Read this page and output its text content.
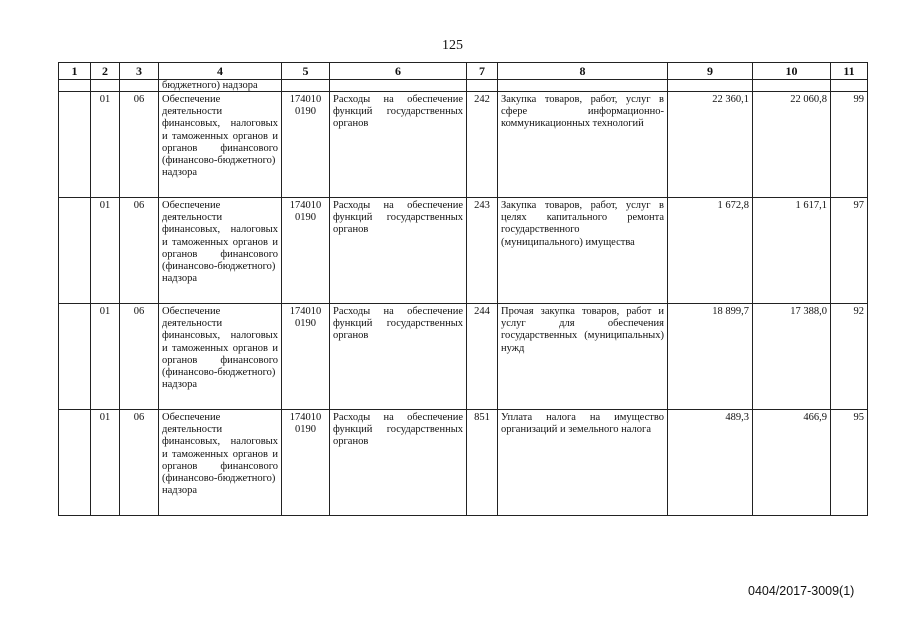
125
1	2	3	4	5	6	7	8	9	10	11
			бюджетного) надзора							
	01	06	Обеспечение деятельности финансовых, налоговых и таможенных органов и органов финансового (финансово-бюджетного) надзора	174010 0190	Расходы на обеспечение функций государственных органов	242	Закупка товаров, работ, услуг в сфере информационно-коммуникационных технологий	22 360,1	22 060,8	99
	01	06	Обеспечение деятельности финансовых, налоговых и таможенных органов и органов финансового (финансово-бюджетного) надзора	174010 0190	Расходы на обеспечение функций государственных органов	243	Закупка товаров, работ, услуг в целях капитального ремонта государственного (муниципального) имущества	1 672,8	1 617,1	97
	01	06	Обеспечение деятельности финансовых, налоговых и таможенных органов и органов финансового (финансово-бюджетного) надзора	174010 0190	Расходы на обеспечение функций государственных органов	244	Прочая закупка товаров, работ и услуг для обеспечения государственных (муниципальных) нужд	18 899,7	17 388,0	92
	01	06	Обеспечение деятельности финансовых, налоговых и таможенных органов и органов финансового (финансово-бюджетного) надзора	174010 0190	Расходы на обеспечение функций государственных органов	851	Уплата налога на имущество организаций и земельного налога	489,3	466,9	95
0404/2017-3009(1)
